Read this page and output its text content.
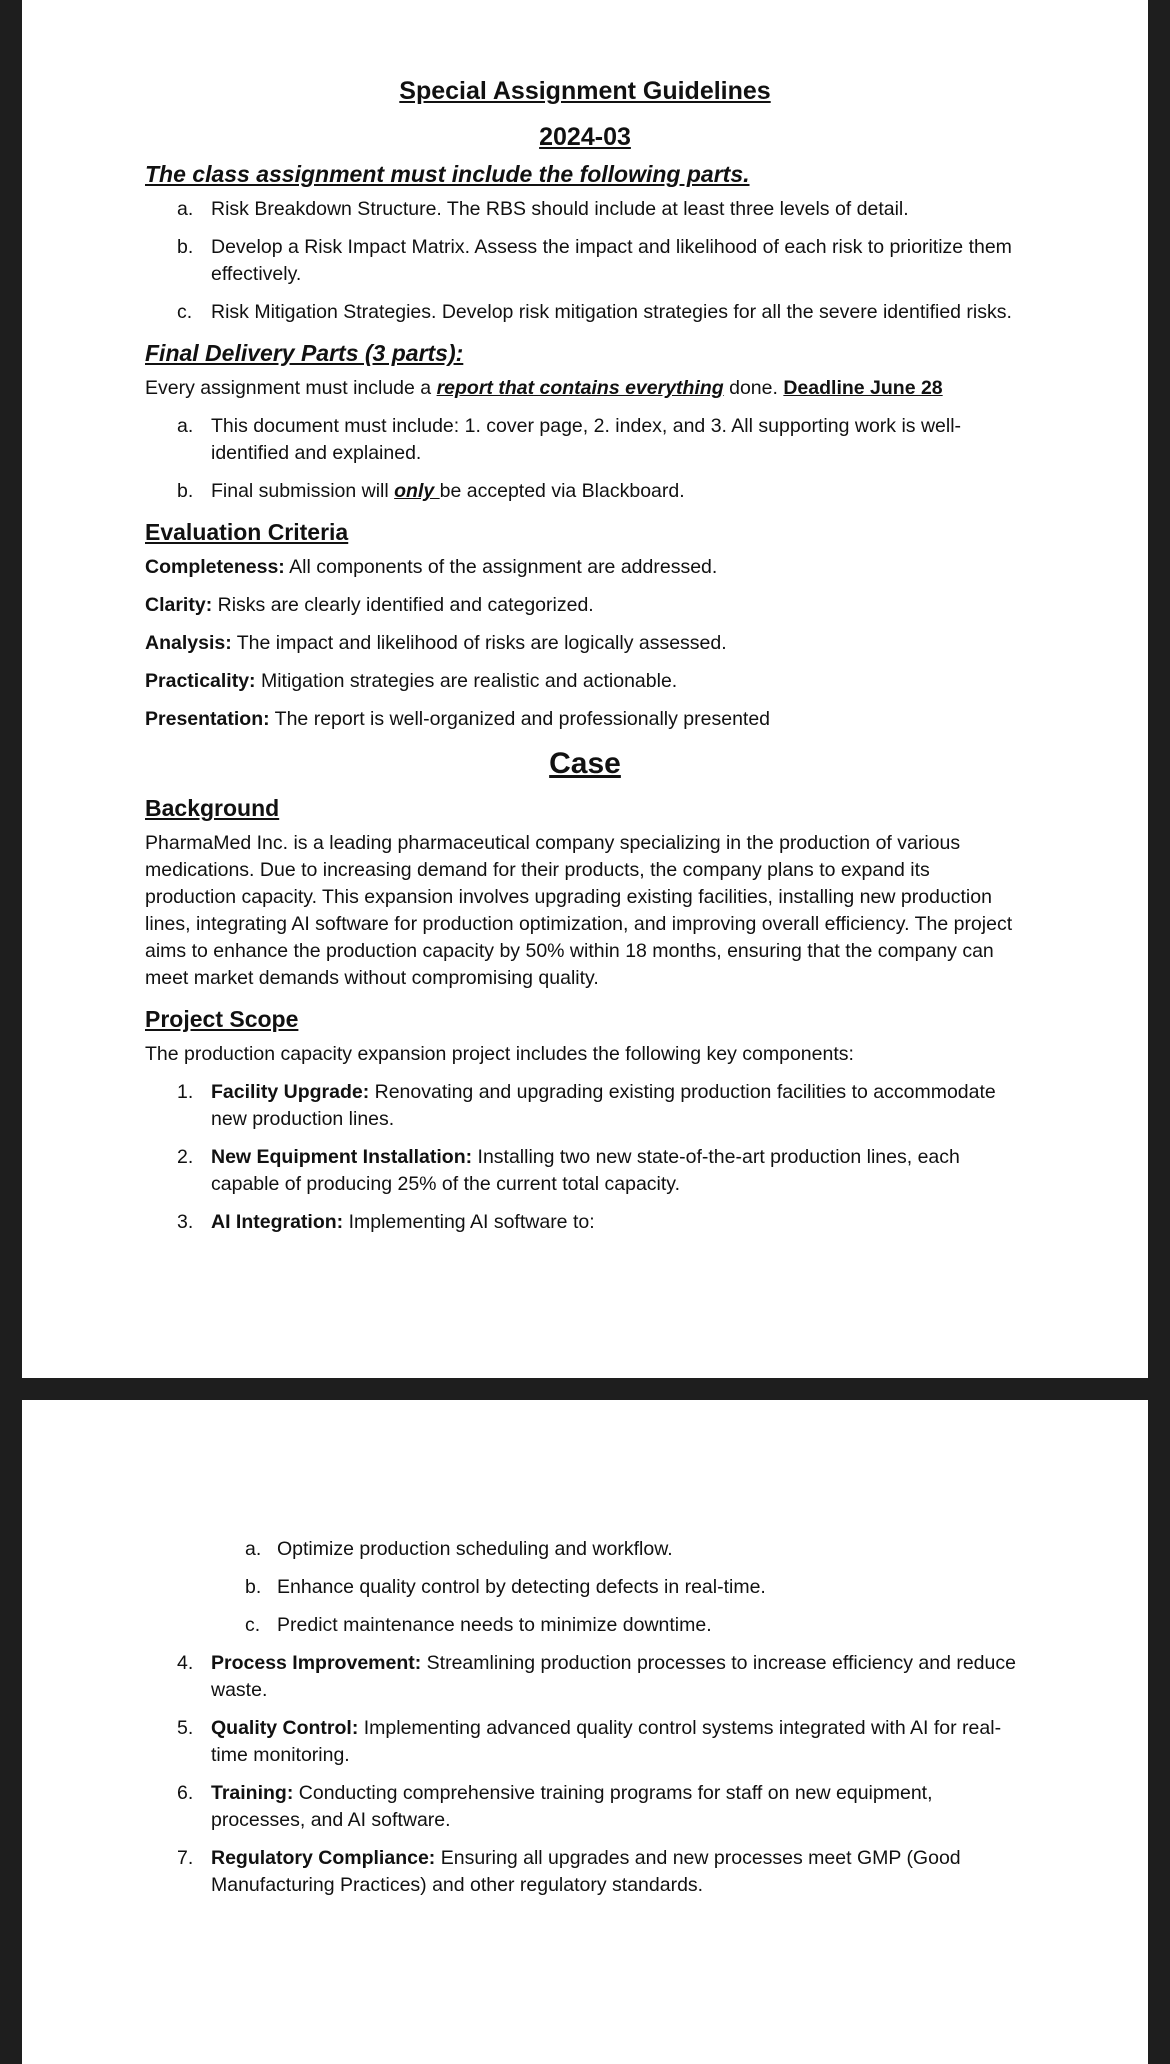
Special Assignment Guidelines
2024-03
The class assignment must include the following parts.
a. Risk Breakdown Structure. The RBS should include at least three levels of detail.
b. Develop a Risk Impact Matrix. Assess the impact and likelihood of each risk to prioritize them effectively.
c. Risk Mitigation Strategies. Develop risk mitigation strategies for all the severe identified risks.
Final Delivery Parts (3 parts):

Every assignment must include a report that contains everything done. Deadline June 28

a. This document must include: 1. cover page, 2. index, and 3. All supporting work is well-identified and explained.
b. Final submission will only be accepted via Blackboard.
Evaluation Criteria

Completeness: All components of the assignment are addressed.

Clarity: Risks are clearly identified and categorized.

Analysis: The impact and likelihood of risks are logically assessed.

Practicality: Mitigation strategies are realistic and actionable.

Presentation: The report is well-organized and professionally presented

Case
Background

PharmaMed Inc. is a leading pharmaceutical company specializing in the production of various medications. Due to increasing demand for their products, the company plans to expand its production capacity. This expansion involves upgrading existing facilities, installing new production lines, integrating AI software for production optimization, and improving overall efficiency. The project aims to enhance the production capacity by 50% within 18 months, ensuring that the company can meet market demands without compromising quality.

Project Scope

The production capacity expansion project includes the following key components:

1. Facility Upgrade: Renovating and upgrading existing production facilities to accommodate new production lines.
2. New Equipment Installation: Installing two new state-of-the-art production lines, each capable of producing 25% of the current total capacity.
3. AI Integration: Implementing AI software to:
a. Optimize production scheduling and workflow.
b. Enhance quality control by detecting defects in real-time.
c. Predict maintenance needs to minimize downtime.
4. Process Improvement: Streamlining production processes to increase efficiency and reduce waste.
5. Quality Control: Implementing advanced quality control systems integrated with AI for real-time monitoring.
6. Training: Conducting comprehensive training programs for staff on new equipment, processes, and AI software.
7. Regulatory Compliance: Ensuring all upgrades and new processes meet GMP (Good Manufacturing Practices) and other regulatory standards.
